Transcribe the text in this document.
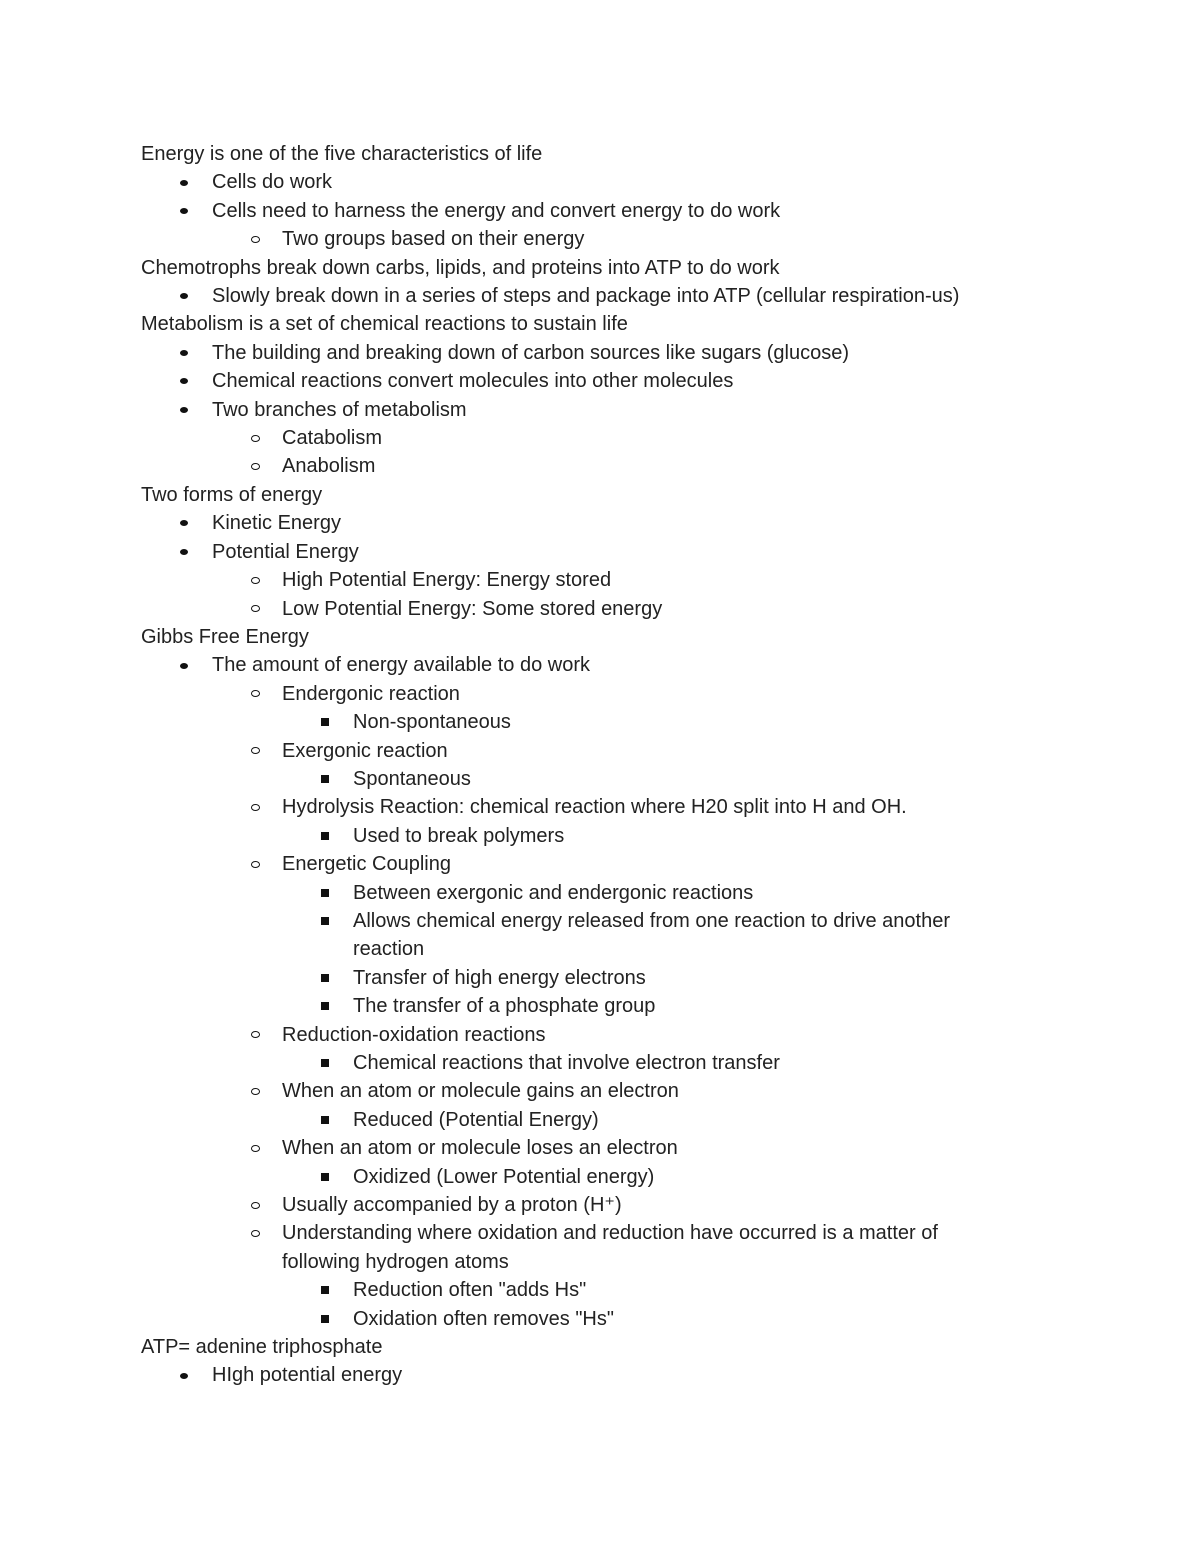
Energy is one of the five characteristics of life
Cells do work
Cells need to harness the energy and convert energy to do work
Two groups based on their energy
Chemotrophs break down carbs, lipids, and proteins into ATP to do work
Slowly break down in a series of steps and package into ATP (cellular respiration-us)
Metabolism is a set of chemical reactions to sustain life
The building and breaking down of carbon sources like sugars (glucose)
Chemical reactions convert molecules into other molecules
Two branches of metabolism
Catabolism
Anabolism
Two forms of energy
Kinetic Energy
Potential Energy
High Potential Energy: Energy stored
Low Potential Energy: Some stored energy
Gibbs Free Energy
The amount of energy available to do work
Endergonic reaction
Non-spontaneous
Exergonic reaction
Spontaneous
Hydrolysis Reaction: chemical reaction where H20 split into H and OH.
Used to break polymers
Energetic Coupling
Between exergonic and endergonic reactions
Allows chemical energy released from one reaction to drive another reaction
Transfer of high energy electrons
The transfer of a phosphate group
Reduction-oxidation reactions
Chemical reactions that involve electron transfer
When an atom or molecule gains an electron
Reduced (Potential Energy)
When an atom or molecule loses an electron
Oxidized (Lower Potential energy)
Usually accompanied by a proton (H⁺)
Understanding where oxidation and reduction have occurred is a matter of following hydrogen atoms
Reduction often "adds Hs"
Oxidation often removes "Hs"
ATP= adenine triphosphate
HIgh potential energy
